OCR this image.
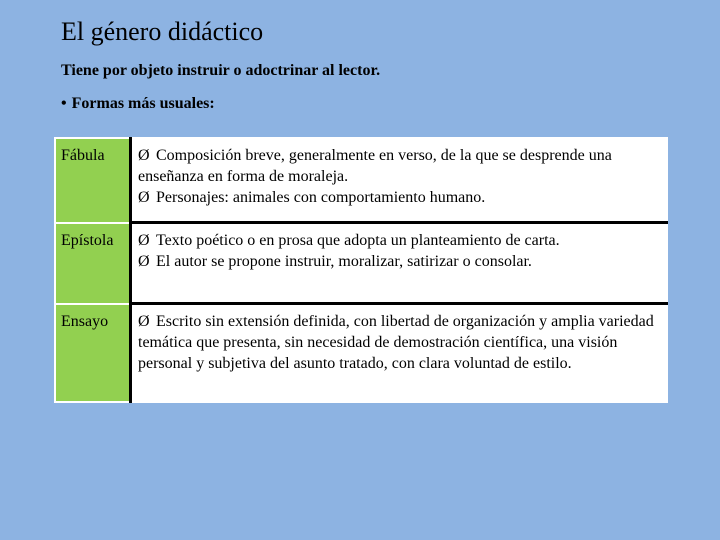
El género didáctico
Tiene por objeto instruir o adoctrinar al lector.
• Formas más usuales:
Fábula	Ø Composición breve, generalmente en verso, de la que se desprende una enseñanza en forma de moraleja.
Ø Personajes: animales con comportamiento humano.

Epístola	Ø Texto poético o en prosa que adopta un planteamiento de carta.
Ø El autor se propone instruir, moralizar, satirizar o consolar.

Ensayo	Ø Escrito sin extensión definida, con libertad de organización y amplia variedad temática que presenta, sin necesidad de demostración científica, una visión personal y subjetiva del asunto tratado, con clara voluntad de estilo.
